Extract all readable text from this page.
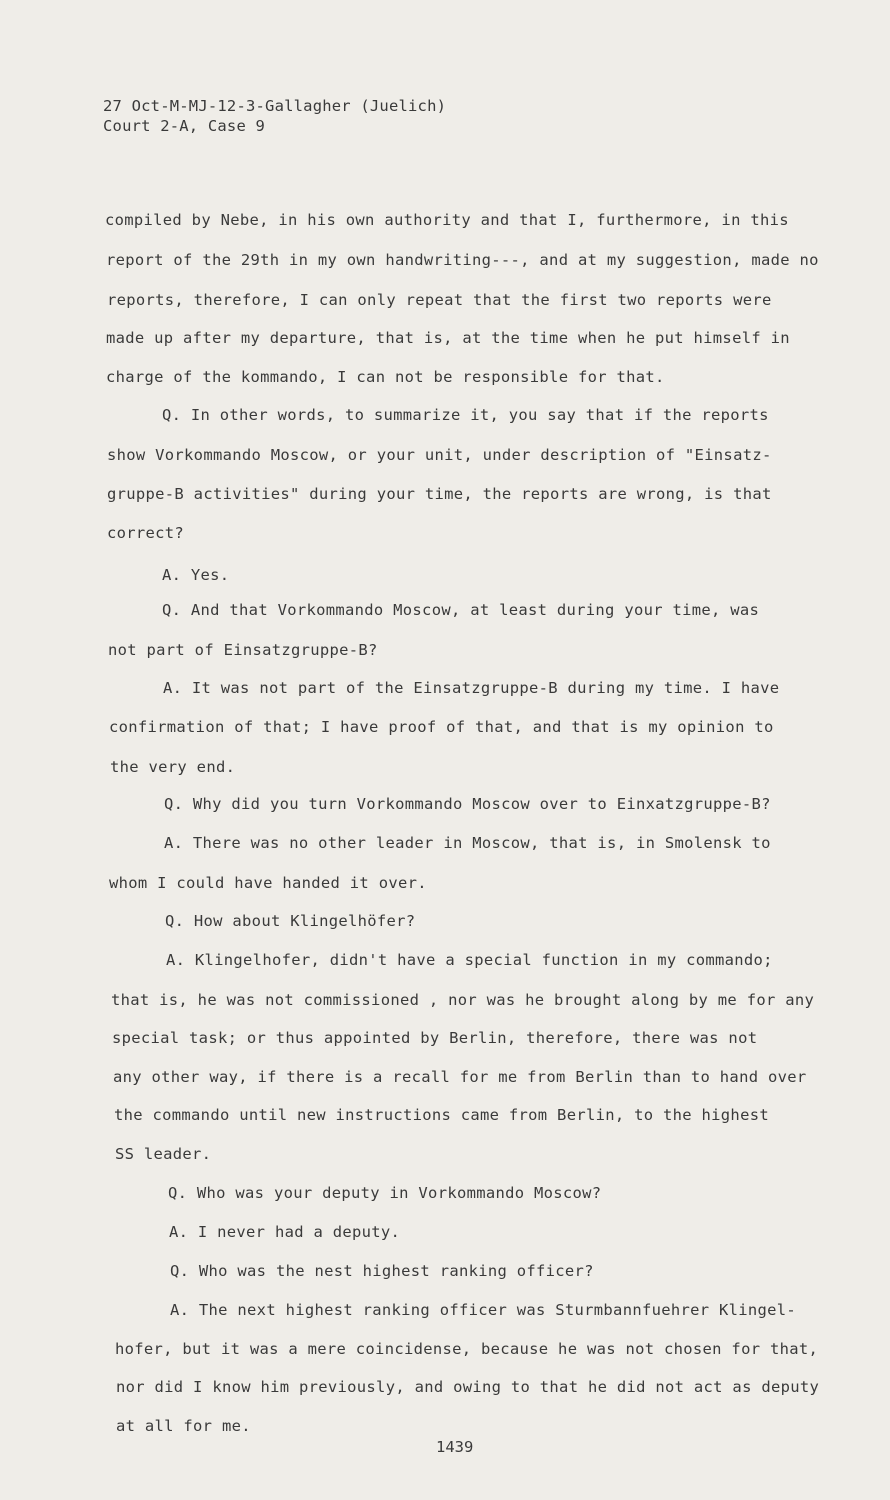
27 Oct-M-MJ-12-3-Gallagher (Juelich)
Court 2-A, Case 9
compiled by Nebe, in his own authority and that I, furthermore, in this
report of the 29th in my own handwriting---, and at my suggestion, made no
reports, therefore, I can only repeat that the first two reports were
made up after my departure, that is, at the time when he put himself in
charge of the kommando, I can not be responsible for that.
Q. In other words, to summarize it, you say that if the reports
show Vorkommando Moscow, or your unit, under description of "Einsatz-
gruppe-B activities" during your time, the reports are wrong, is that
correct?
A. Yes.
Q. And that Vorkommando Moscow, at least during your time, was
not part of Einsatzgruppe-B?
A. It was not part of the Einsatzgruppe-B during my time. I have
confirmation of that; I have proof of that, and that is my opinion to
the very end.
Q. Why did you turn Vorkommando Moscow over to Einxatzgruppe-B?
A. There was no other leader in Moscow, that is, in Smolensk to
whom I could have handed it over.
Q. How about Klingelhöfer?
A. Klingelhofer, didn't have a special function in my commando;
that is, he was not commissioned , nor was he brought along by me for any
special task; or thus appointed by Berlin, therefore, there was not
any other way, if there is a recall for me from Berlin than to hand over
the commando until new instructions came from Berlin, to the highest
SS leader.
Q. Who was your deputy in Vorkommando Moscow?
A. I never had a deputy.
Q. Who was the nest highest ranking officer?
A. The next highest ranking officer was Sturmbannfuehrer Klingel-
hofer, but it was a mere coincidense, because he was not chosen for that,
nor did I know him previously, and owing to that he did not act as deputy
at all for me.
1439
